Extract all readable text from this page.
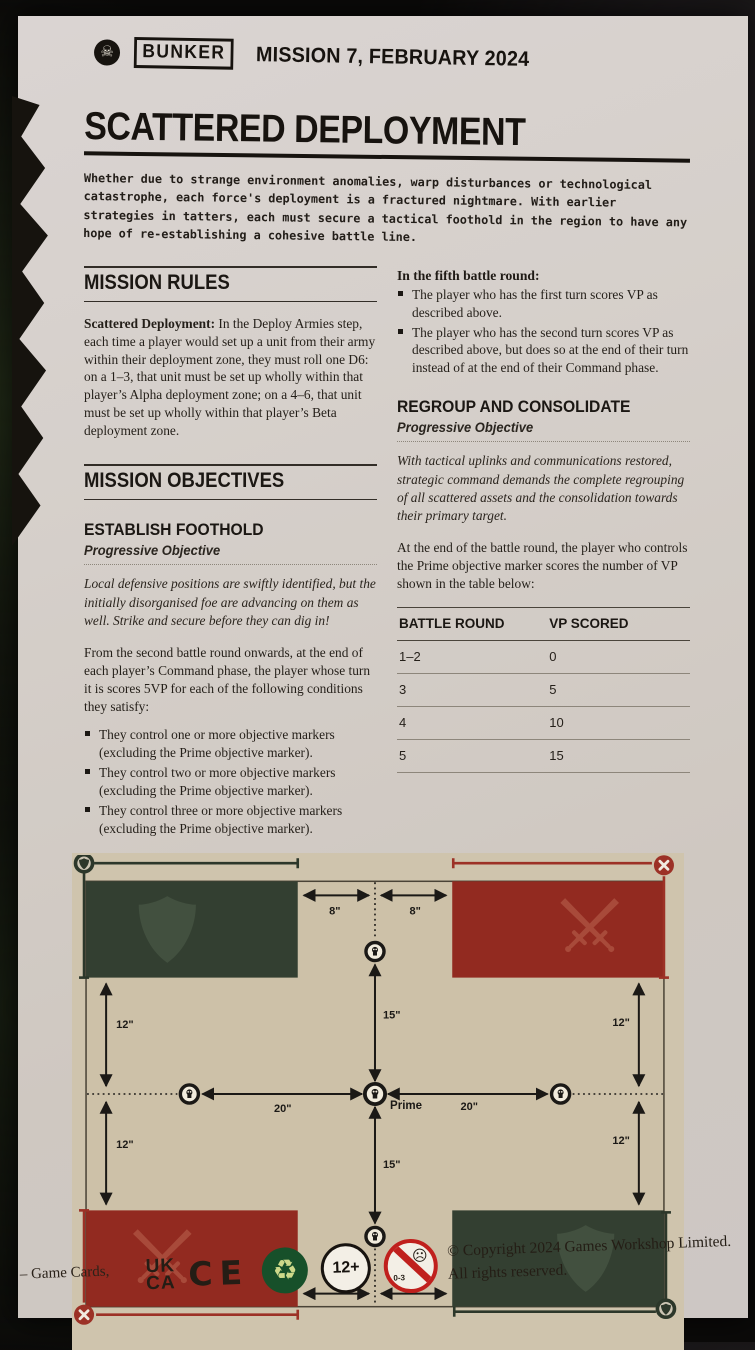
☠	BUNKER	MISSION 7, FEBRUARY 2024
SCATTERED DEPLOYMENT
Whether due to strange environment anomalies, warp disturbances or technological catastrophe, each force's deployment is a fractured nightmare. With earlier strategies in tatters, each must secure a tactical foothold in the region to have any hope of re-establishing a cohesive battle line.
MISSION RULES

Scattered Deployment: In the Deploy Armies step, each time a player would set up a unit from their army within their deployment zone, they must roll one D6: on a 1–3, that unit must be set up wholly within that player’s Alpha deployment zone; on a 4–6, that unit must be set up wholly within that player’s Beta deployment zone.

MISSION OBJECTIVES
ESTABLISH FOOTHOLD
Progressive Objective

Local defensive positions are swiftly identified, but the initially disorganised foe are advancing on them as well. Strike and secure before they can dig in!

From the second battle round onwards, at the end of each player’s Command phase, the player whose turn it is scores 5VP for each of the following conditions they satisfy:

They control one or more objective markers (excluding the Prime objective marker).
They control two or more objective markers (excluding the Prime objective marker).
They control three or more objective markers (excluding the Prime objective marker).
In the fifth battle round:
The player who has the first turn scores VP as described above.
The player who has the second turn scores VP as described above, but does so at the end of their turn instead of at the end of their Command phase.
REGROUP AND CONSOLIDATE
Progressive Objective

With tactical uplinks and communications restored, strategic command demands the complete regrouping of all scattered assets and the consolidation towards their primary target.

At the end of the battle round, the player who controls the Prime objective marker scores the number of VP shown in the table below:

BATTLE ROUND	VP SCORED
1–2	0
3	5
4	10
5	15
8"	8"
12"
12"
12"
12"
15"
15"
20"	20"
Prime
– Game Cards, UK
CA CE ♻	12+
☹
0-3
© Copyright 2024 Games Workshop Limited.
All rights reserved.
